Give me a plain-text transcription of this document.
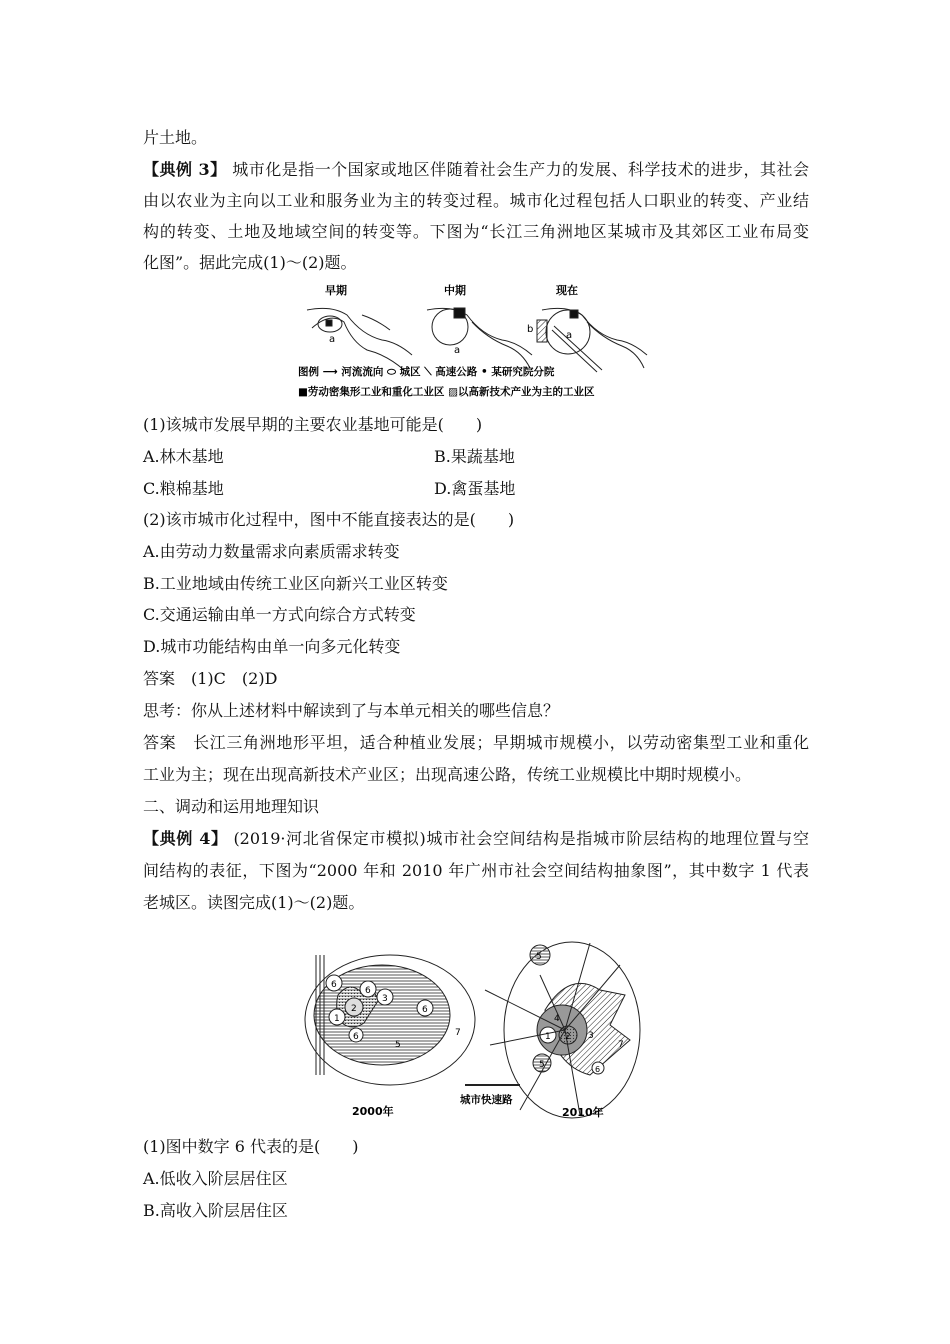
片土地。
【典例 3】 城市化是指一个国家或地区伴随着社会生产力的发展、科学技术的进步，其社会
由以农业为主向以工业和服务业为主的转变过程。城市化过程包括人口职业的转变、产业结
构的转变、土地及地域空间的转变等。下图为“长江三角洲地区某城市及其郊区工业布局变
化图”。据此完成(1)～(2)题。
早期	中期	现在
a
a
b
a
图例 ⟶ 河流流向 ⬭ 城区 ⟍ 高速公路 • 某研究院分院
■劳动密集形工业和重化工业区 ▨以高新技术产业为主的工业区
(1)该城市发展早期的主要农业基地可能是(　　)
A.林木基地	B.果蔬基地
C.粮棉基地	D.禽蛋基地
(2)该市城市化过程中，图中不能直接表达的是(　　)
A.由劳动力数量需求向素质需求转变
B.工业地域由传统工业区向新兴工业区转变
C.交通运输由单一方式向综合方式转变
D.城市功能结构由单一向多元化转变
答案　(1)C　(2)D
思考：你从上述材料中解读到了与本单元相关的哪些信息？
答案　长江三角洲地形平坦，适合种植业发展；早期城市规模小，以劳动密集型工业和重化
工业为主；现在出现高新技术产业区；出现高速公路，传统工业规模比中期时规模小。
二、调动和运用地理知识
【典例 4】 (2019·河北省保定市模拟)城市社会空间结构是指城市阶层结构的地理位置与空
间结构的表征，下图为“2000 年和 2010 年广州市社会空间结构抽象图”，其中数字 1 代表
老城区。读图完成(1)～(2)题。
6
6
3
1
2
6
6
5
7
2000年
城市快速路
5
4
2
1	3
5	6
7
2010年
(1)图中数字 6 代表的是(　　)
A.低收入阶层居住区
B.高收入阶层居住区
